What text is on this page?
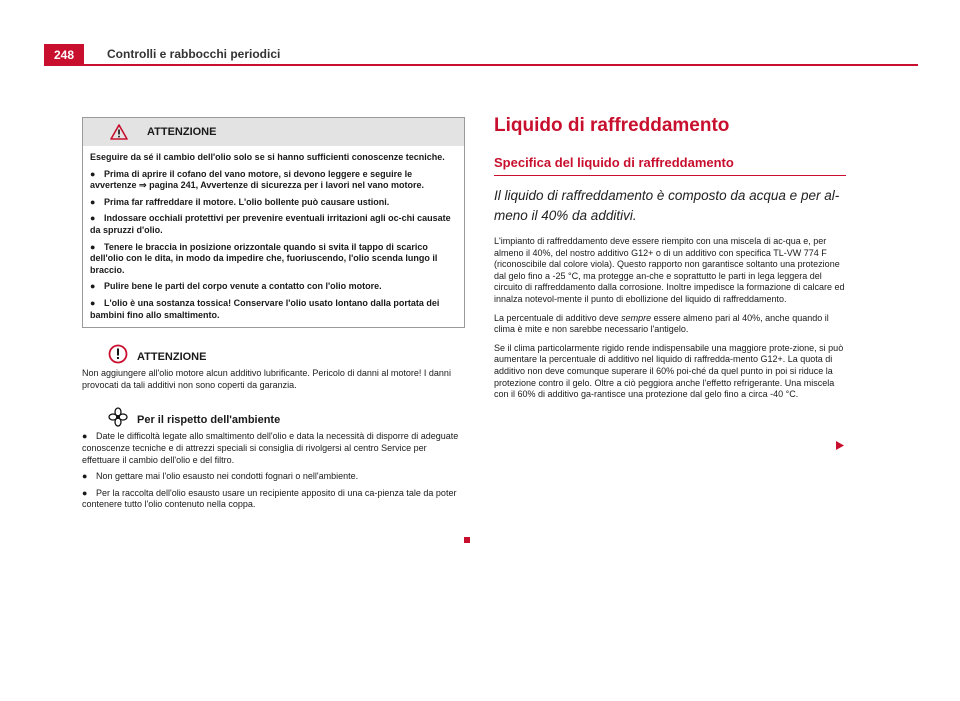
248	Controlli e rabbocchi periodici
ATTENZIONE

Eseguire da sé il cambio dell'olio solo se si hanno sufficienti conoscenze tecniche.

● Prima di aprire il cofano del vano motore, si devono leggere e seguire le avvertenze ⇒ pagina 241, Avvertenze di sicurezza per i lavori nel vano motore.

● Prima far raffreddare il motore. L'olio bollente può causare ustioni.

● Indossare occhiali protettivi per prevenire eventuali irritazioni agli oc-chi causate da spruzzi d'olio.

● Tenere le braccia in posizione orizzontale quando si svita il tappo di scarico dell'olio con le dita, in modo da impedire che, fuoriuscendo, l'olio scenda lungo il braccio.

● Pulire bene le parti del corpo venute a contatto con l'olio motore.

● L'olio è una sostanza tossica! Conservare l'olio usato lontano dalla portata dei bambini fino allo smaltimento.

ATTENZIONE
Non aggiungere all'olio motore alcun additivo lubrificante. Pericolo di danni al motore! I danni provocati da tali additivi non sono coperti da garanzia.
Per il rispetto dell'ambiente

● Date le difficoltà legate allo smaltimento dell'olio e data la necessità di disporre di adeguate conoscenze tecniche e di attrezzi speciali si consiglia di rivolgersi al centro Service per effettuare il cambio dell'olio e del filtro.

● Non gettare mai l'olio esausto nei condotti fognari o nell'ambiente.

● Per la raccolta dell'olio esausto usare un recipiente apposito di una ca-pienza tale da poter contenere tutto l'olio contenuto nella coppa.

Liquido di raffreddamento
Specifica del liquido di raffreddamento

Il liquido di raffreddamento è composto da acqua e per al-meno il 40% da additivi.

L'impianto di raffreddamento deve essere riempito con una miscela di ac-qua e, per almeno il 40%, del nostro additivo G12+ o di un additivo con specifica TL-VW 774 F (riconoscibile dal colore viola). Questo rapporto non garantisce soltanto una protezione dal gelo fino a -25 °C, ma protegge an-che e soprattutto le parti in lega leggera del circuito di raffreddamento dalla corrosione. Inoltre impedisce la formazione di calcare ed innalza notevol-mente il punto di ebollizione del liquido di raffreddamento.

La percentuale di additivo deve sempre essere almeno pari al 40%, anche quando il clima è mite e non sarebbe necessario l'antigelo.

Se il clima particolarmente rigido rende indispensabile una maggiore prote-zione, si può aumentare la percentuale di additivo nel liquido di raffredda-mento G12+. La quota di additivo non deve comunque superare il 60% poi-ché da quel punto in poi si riduce la protezione contro il gelo. Oltre a ciò peggiora anche l'effetto refrigerante. Una miscela con il 60% di additivo ga-rantisce una protezione dal gelo fino a circa -40 °C.
